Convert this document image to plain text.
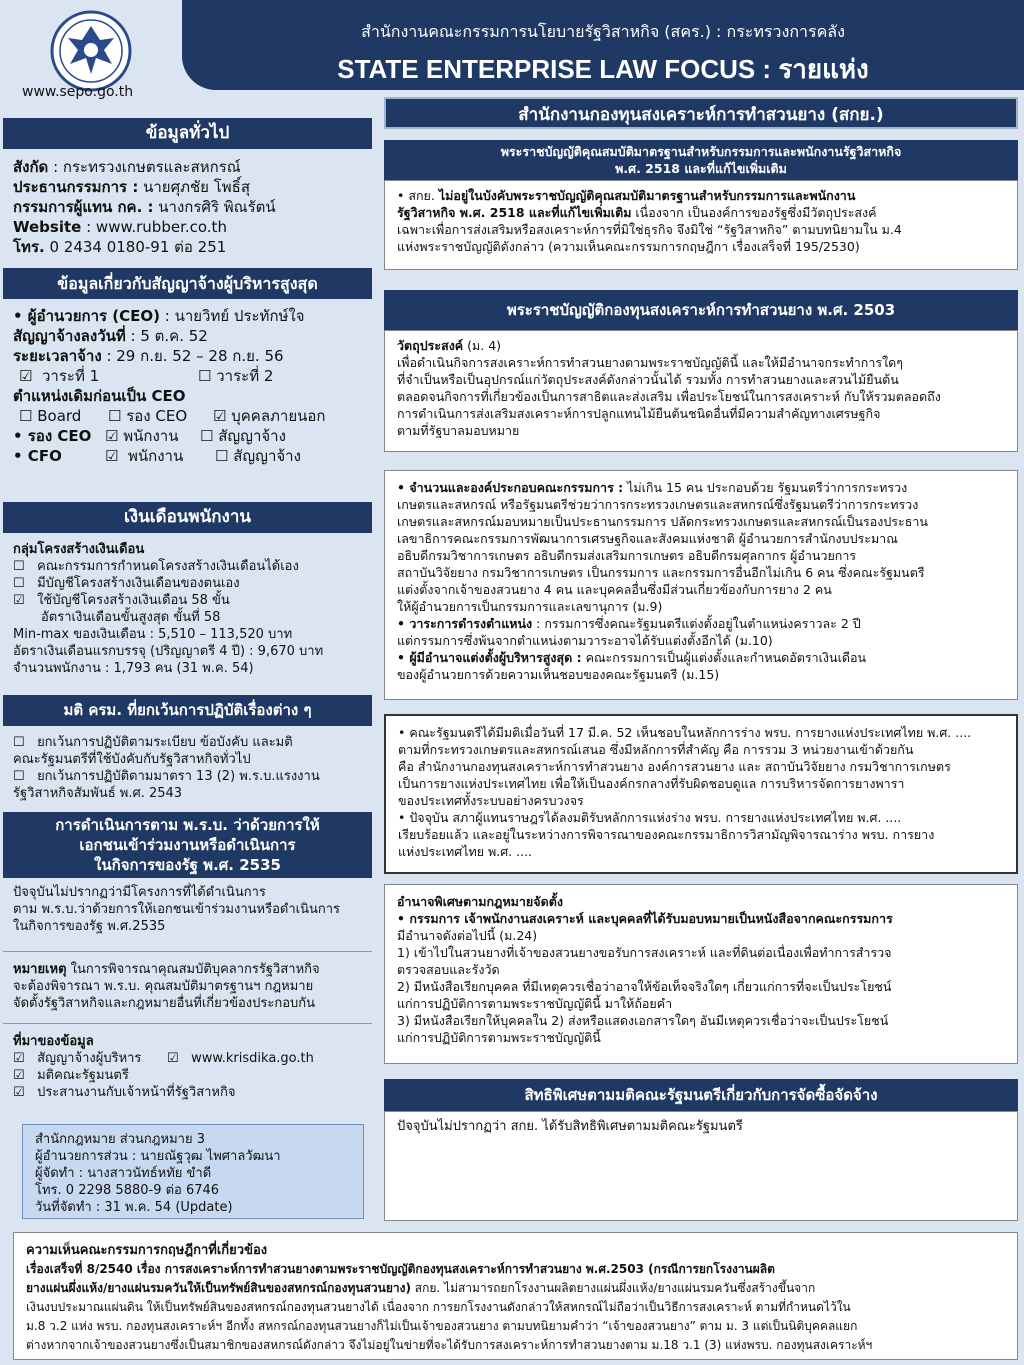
สำนักงานคณะกรรมการนโยบายรัฐวิสาหกิจ (สคร.) : กระทรวงการคลัง
STATE ENTERPRISE LAW FOCUS : รายแห่ง
www.sepo.go.th
ข้อมูลทั่วไป
สังกัด : กระทรวงเกษตรและสหกรณ์
ประธานกรรมการ : นายศุภชัย โพธิ์สุ
กรรมการผู้แทน กค. : นางกรศิริ พิณรัตน์
Website : www.rubber.co.th
โทร. 0 2434 0180-91 ต่อ 251
ข้อมูลเกี่ยวกับสัญญาจ้างผู้บริหารสูงสุด
• ผู้อำนวยการ (CEO) : นายวิทย์ ประทักษ์ใจ
สัญญาจ้างลงวันที่ : 5 ต.ค. 52
ระยะเวลาจ้าง : 29 ก.ย. 52 – 28 ก.ย. 56
☑ วาระที่ 1	☐ วาระที่ 2
ตำแหน่งเดิมก่อนเป็น CEO
☐ Board	☐ รอง CEO	☑ บุคคลภายนอก
• รอง CEO ☑ พนักงาน	☐ สัญญาจ้าง
• CFO	☑ พนักงาน	☐ สัญญาจ้าง
เงินเดือนพนักงาน
กลุ่มโครงสร้างเงินเดือน
☐ คณะกรรมการกำหนดโครงสร้างเงินเดือนได้เอง
☐ มีบัญชีโครงสร้างเงินเดือนของตนเอง
☑ ใช้บัญชีโครงสร้างเงินเดือน 58 ขั้น
อัตราเงินเดือนขั้นสูงสุด ขั้นที่ 58
Min-max ของเงินเดือน : 5,510 – 113,520 บาท
อัตราเงินเดือนแรกบรรจุ (ปริญญาตรี 4 ปี) : 9,670 บาท
จำนวนพนักงาน : 1,793 คน (31 พ.ค. 54)
มติ ครม. ที่ยกเว้นการปฏิบัติเรื่องต่าง ๆ
☐ ยกเว้นการปฏิบัติตามระเบียบ ข้อบังคับ และมติ
คณะรัฐมนตรีที่ใช้บังคับกับรัฐวิสาหกิจทั่วไป
☐ ยกเว้นการปฏิบัติตามมาตรา 13 (2) พ.ร.บ.แรงงาน
รัฐวิสาหกิจสัมพันธ์ พ.ศ. 2543
การดำเนินการตาม พ.ร.บ. ว่าด้วยการให้
เอกชนเข้าร่วมงานหรือดำเนินการ
ในกิจการของรัฐ พ.ศ. 2535
ปัจจุบันไม่ปรากฏว่ามีโครงการที่ได้ดำเนินการ
ตาม พ.ร.บ.ว่าด้วยการให้เอกชนเข้าร่วมงานหรือดำเนินการ
ในกิจการของรัฐ พ.ศ.2535
หมายเหตุ ในการพิจารณาคุณสมบัติบุคลากรรัฐวิสาหกิจ
จะต้องพิจารณา พ.ร.บ. คุณสมบัติมาตรฐานฯ กฎหมาย
จัดตั้งรัฐวิสาหกิจและกฎหมายอื่นที่เกี่ยวข้องประกอบกัน
ที่มาของข้อมูล
☑ สัญญาจ้างผู้บริหาร	☑ www.krisdika.go.th
☑ มติคณะรัฐมนตรี
☑ ประสานงานกับเจ้าหน้าที่รัฐวิสาหกิจ
สำนักกฎหมาย ส่วนกฎหมาย 3
ผู้อำนวยการส่วน : นายณัฐวุฒ ไพศาลวัฒนา
ผู้จัดทำ : นางสาวนัทธ์หทัย ขำดี
โทร. 0 2298 5880-9 ต่อ 6746
วันที่จัดทำ : 31 พ.ค. 54 (Update)
สำนักงานกองทุนสงเคราะห์การทำสวนยาง (สกย.)
พระราชบัญญัติคุณสมบัติมาตรฐานสำหรับกรรมการและพนักงานรัฐวิสาหกิจ
พ.ศ. 2518 และที่แก้ไขเพิ่มเติม
• สกย. ไม่อยู่ในบังคับพระราชบัญญัติคุณสมบัติมาตรฐานสำหรับกรรมการและพนักงาน
รัฐวิสาหกิจ พ.ศ. 2518 และที่แก้ไขเพิ่มเติม เนื่องจาก เป็นองค์การของรัฐซึ่งมีวัตถุประสงค์
เฉพาะเพื่อการส่งเสริมหรือสงเคราะห์การที่มิใช่ธุรกิจ จึงมิใช่ “รัฐวิสาหกิจ” ตามบทนิยามใน ม.4
แห่งพระราชบัญญัติดังกล่าว (ความเห็นคณะกรรมการกฤษฎีกา เรื่องเสร็จที่ 195/2530)
พระราชบัญญัติกองทุนสงเคราะห์การทำสวนยาง พ.ศ. 2503
วัตถุประสงค์ (ม. 4)
เพื่อดำเนินกิจการสงเคราะห์การทำสวนยางตามพระราชบัญญัตินี้ และให้มีอำนาจกระทำการใดๆ
ที่จำเป็นหรือเป็นอุปกรณ์แก่วัตถุประสงค์ดังกล่าวนั้นได้ รวมทั้ง การทำสวนยางและสวนไม้ยืนต้น
ตลอดจนกิจการที่เกี่ยวข้องเป็นการสาธิตและส่งเสริม เพื่อประโยชน์ในการสงเคราะห์ กับให้รวมตลอดถึง
การดำเนินการส่งเสริมสงเคราะห์การปลูกแทนไม้ยืนต้นชนิดอื่นที่มีความสำคัญทางเศรษฐกิจ
ตามที่รัฐบาลมอบหมาย
• จำนวนและองค์ประกอบคณะกรรมการ : ไม่เกิน 15 คน ประกอบด้วย รัฐมนตรีว่าการกระทรวง
เกษตรและสหกรณ์ หรือรัฐมนตรีช่วยว่าการกระทรวงเกษตรและสหกรณ์ซึ่งรัฐมนตรีว่าการกระทรวง
เกษตรและสหกรณ์มอบหมายเป็นประธานกรรมการ ปลัดกระทรวงเกษตรและสหกรณ์เป็นรองประธาน
เลขาธิการคณะกรรมการพัฒนาการเศรษฐกิจและสังคมแห่งชาติ ผู้อำนวยการสำนักงบประมาณ
อธิบดีกรมวิชาการเกษตร อธิบดีกรมส่งเสริมการเกษตร อธิบดีกรมศุลกากร ผู้อำนวยการ
สถาบันวิจัยยาง กรมวิชาการเกษตร เป็นกรรมการ และกรรมการอื่นอีกไม่เกิน 6 คน ซึ่งคณะรัฐมนตรี
แต่งตั้งจากเจ้าของสวนยาง 4 คน และบุคคลอื่นซึ่งมีส่วนเกี่ยวข้องกับการยาง 2 คน
ให้ผู้อำนวยการเป็นกรรมการและเลขานุการ (ม.9)
• วาระการดำรงตำแหน่ง : กรรมการซึ่งคณะรัฐมนตรีแต่งตั้งอยู่ในตำแหน่งคราวละ 2 ปี
แต่กรรมการซึ่งพ้นจากตำแหน่งตามวาระอาจได้รับแต่งตั้งอีกได้ (ม.10)
• ผู้มีอำนาจแต่งตั้งผู้บริหารสูงสุด : คณะกรรมการเป็นผู้แต่งตั้งและกำหนดอัตราเงินเดือน
ของผู้อำนวยการด้วยความเห็นชอบของคณะรัฐมนตรี (ม.15)
• คณะรัฐมนตรีได้มีมติเมื่อวันที่ 17 มี.ค. 52 เห็นชอบในหลักการร่าง พรบ. การยางแห่งประเทศไทย พ.ศ. ....
ตามที่กระทรวงเกษตรและสหกรณ์เสนอ ซึ่งมีหลักการที่สำคัญ คือ การรวม 3 หน่วยงานเข้าด้วยกัน
คือ สำนักงานกองทุนสงเคราะห์การทำสวนยาง องค์การสวนยาง และ สถาบันวิจัยยาง กรมวิชาการเกษตร
เป็นการยางแห่งประเทศไทย เพื่อให้เป็นองค์กรกลางที่รับผิดชอบดูแล การบริหารจัดการยางพารา
ของประเทศทั้งระบบอย่างครบวงจร
• ปัจจุบัน สภาผู้แทนราษฎรได้ลงมติรับหลักการแห่งร่าง พรบ. การยางแห่งประเทศไทย พ.ศ. ....
เรียบร้อยแล้ว และอยู่ในระหว่างการพิจารณาของคณะกรรมาธิการวิสามัญพิจารณาร่าง พรบ. การยาง
แห่งประเทศไทย พ.ศ. ....
อำนาจพิเศษตามกฎหมายจัดตั้ง
• กรรมการ เจ้าพนักงานสงเคราะห์ และบุคคลที่ได้รับมอบหมายเป็นหนังสือจากคณะกรรมการ
มีอำนาจดังต่อไปนี้ (ม.24)
1) เข้าไปในสวนยางที่เจ้าของสวนยางขอรับการสงเคราะห์ และที่ดินต่อเนื่องเพื่อทำการสำรวจ
ตรวจสอบและรังวัด
2) มีหนังสือเรียกบุคคล ที่มีเหตุควรเชื่อว่าอาจให้ข้อเท็จจริงใดๆ เกี่ยวแก่การที่จะเป็นประโยชน์
แก่การปฏิบัติการตามพระราชบัญญัตินี้ มาให้ถ้อยคำ
3) มีหนังสือเรียกให้บุคคลใน 2) ส่งหรือแสดงเอกสารใดๆ อันมีเหตุควรเชื่อว่าจะเป็นประโยชน์
แก่การปฏิบัติการตามพระราชบัญญัตินี้
สิทธิพิเศษตามมติคณะรัฐมนตรีเกี่ยวกับการจัดซื้อจัดจ้าง
ปัจจุบันไม่ปรากฏว่า สกย. ได้รับสิทธิพิเศษตามมติคณะรัฐมนตรี
ความเห็นคณะกรรมการกฤษฎีกาที่เกี่ยวข้อง
เรื่องเสร็จที่ 8/2540 เรื่อง การสงเคราะห์การทำสวนยางตามพระราชบัญญัติกองทุนสงเคราะห์การทำสวนยาง พ.ศ.2503 (กรณีการยกโรงงานผลิต
ยางแผ่นผึ่งแห้ง/ยางแผ่นรมควันให้เป็นทรัพย์สินของสหกรณ์กองทุนสวนยาง) สกย. ไม่สามารถยกโรงงานผลิตยางแผ่นผึ่งแห้ง/ยางแผ่นรมควันซึ่งสร้างขึ้นจาก
เงินงบประมาณแผ่นดิน ให้เป็นทรัพย์สินของสหกรณ์กองทุนสวนยางได้ เนื่องจาก การยกโรงงานดังกล่าวให้สหกรณ์ไม่ถือว่าเป็นวิธีการสงเคราะห์ ตามที่กำหนดไว้ใน
ม.8 ว.2 แห่ง พรบ. กองทุนสงเคราะห์ฯ อีกทั้ง สหกรณ์กองทุนสวนยางก็ไม่เป็นเจ้าของสวนยาง ตามบทนิยามคำว่า “เจ้าของสวนยาง” ตาม ม. 3 แต่เป็นนิติบุคคลแยก
ต่างหากจากเจ้าของสวนยางซึ่งเป็นสมาชิกของสหกรณ์ดังกล่าว จึงไม่อยู่ในข่ายที่จะได้รับการสงเคราะห์การทำสวนยางตาม ม.18 ว.1 (3) แห่งพรบ. กองทุนสงเคราะห์ฯ
